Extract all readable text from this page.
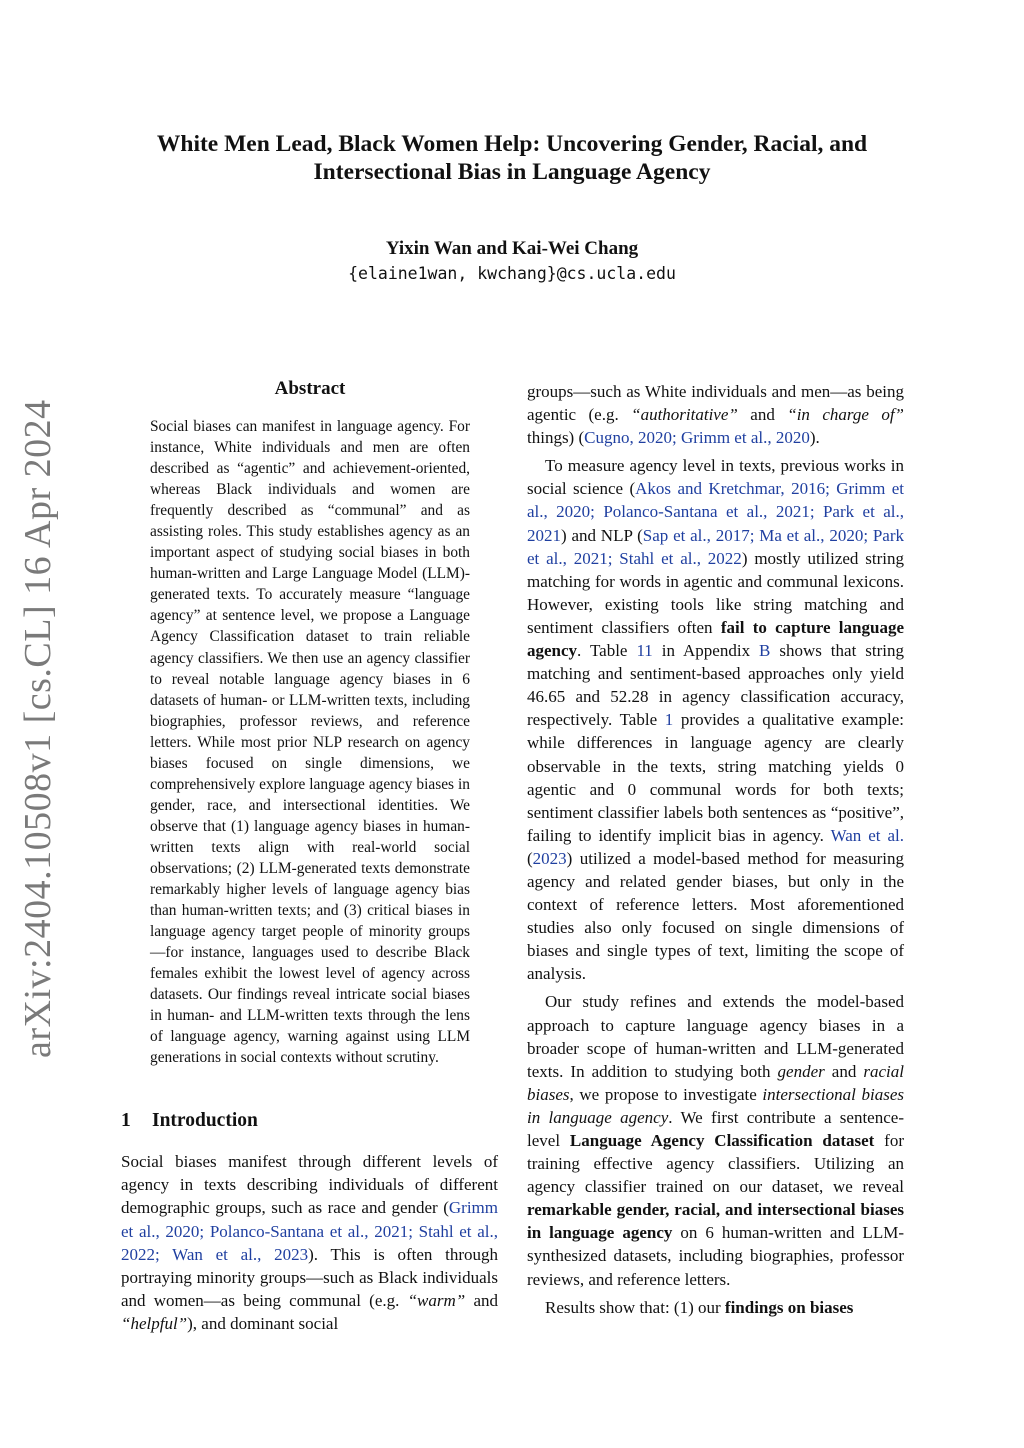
White Men Lead, Black Women Help: Uncovering Gender, Racial, and
Intersectional Bias in Language Agency
Yixin Wan and Kai-Wei Chang
{elaine1wan, kwchang}@cs.ucla.edu
arXiv:2404.10508v1 [cs.CL] 16 Apr 2024
Abstract
Social biases can manifest in language agency. For instance, White individuals and men are often described as “agentic” and achievement-oriented, whereas Black individuals and women are frequently described as “communal” and as assisting roles. This study establishes agency as an important aspect of studying social biases in both human-written and Large Language Model (LLM)-generated texts. To accurately measure “language agency” at sentence level, we propose a Language Agency Classification dataset to train reliable agency classifiers. We then use an agency classifier to reveal notable language agency biases in 6 datasets of human- or LLM-written texts, including biographies, professor reviews, and reference letters. While most prior NLP research on agency biases focused on single dimensions, we comprehensively explore language agency biases in gender, race, and intersectional identities. We observe that (1) language agency biases in human-written texts align with real-world social observations; (2) LLM-generated texts demonstrate remarkably higher levels of language agency bias than human-written texts; and (3) critical biases in language agency target people of minority groups—for instance, languages used to describe Black females exhibit the lowest level of agency across datasets. Our findings reveal intricate social biases in human- and LLM-written texts through the lens of language agency, warning against using LLM generations in social contexts without scrutiny.
1 Introduction
Social biases manifest through different levels of agency in texts describing individuals of different demographic groups, such as race and gender (Grimm et al., 2020; Polanco-Santana et al., 2021; Stahl et al., 2022; Wan et al., 2023). This is often through portraying minority groups—such as Black individuals and women—as being communal (e.g. “warm” and “helpful”), and dominant social

groups—such as White individuals and men—as being agentic (e.g. “authoritative” and “in charge of” things) (Cugno, 2020; Grimm et al., 2020).

To measure agency level in texts, previous works in social science (Akos and Kretchmar, 2016; Grimm et al., 2020; Polanco-Santana et al., 2021; Park et al., 2021) and NLP (Sap et al., 2017; Ma et al., 2020; Park et al., 2021; Stahl et al., 2022) mostly utilized string matching for words in agentic and communal lexicons. However, existing tools like string matching and sentiment classifiers often fail to capture language agency. Table 11 in Appendix B shows that string matching and sentiment-based approaches only yield 46.65 and 52.28 in agency classification accuracy, respectively. Table 1 provides a qualitative example: while differences in language agency are clearly observable in the texts, string matching yields 0 agentic and 0 communal words for both texts; sentiment classifier labels both sentences as “positive”, failing to identify implicit bias in agency. Wan et al. (2023) utilized a model-based method for measuring agency and related gender biases, but only in the context of reference letters. Most aforementioned studies also only focused on single dimensions of biases and single types of text, limiting the scope of analysis.

Our study refines and extends the model-based approach to capture language agency biases in a broader scope of human-written and LLM-generated texts. In addition to studying both gender and racial biases, we propose to investigate intersectional biases in language agency. We first contribute a sentence-level Language Agency Classification dataset for training effective agency classifiers. Utilizing an agency classifier trained on our dataset, we reveal remarkable gender, racial, and intersectional biases in language agency on 6 human-written and LLM-synthesized datasets, including biographies, professor reviews, and reference letters.

Results show that: (1) our findings on biases
